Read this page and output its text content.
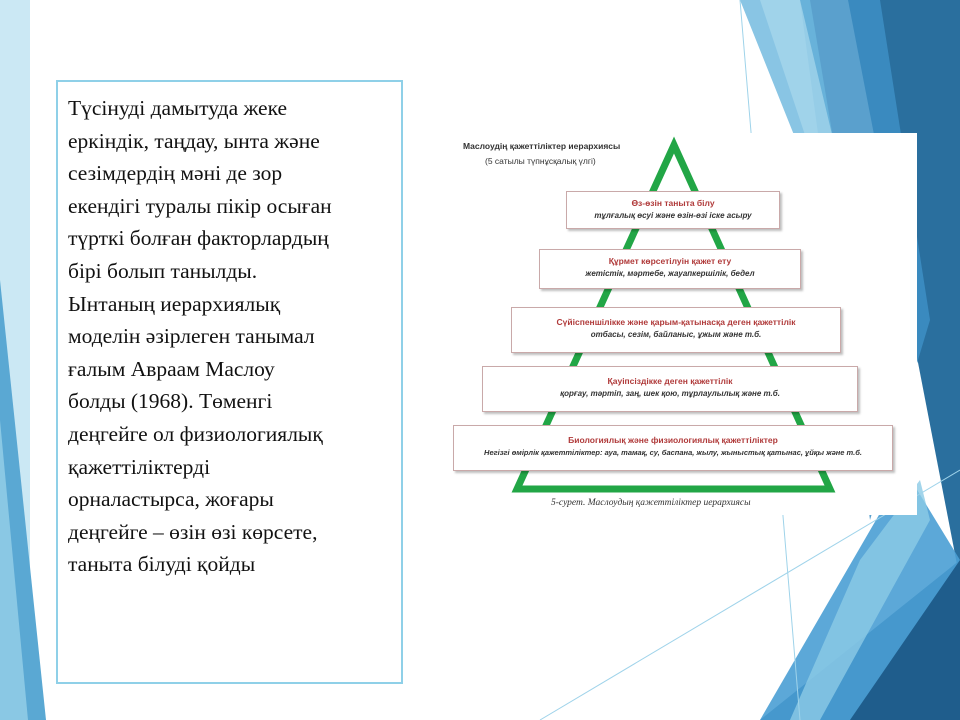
Түсінуді дамытуда жеке
еркіндік, таңдау, ынта және
сезімдердің мәні де зор
екендігі туралы пікір осыған
түрткі болған факторлардың
бірі болып танылды.
Ынтаның иерархиялық
моделін әзірлеген танымал
ғалым Авраам Маслоу
болды (1968). Төменгі
деңгейге ол физиологиялық
қажеттіліктерді
орналастырса, жоғары
деңгейге – өзін өзі көрсете,
таныта білуді қойды

Маслоудің қажеттіліктер иерархиясы
(5 сатылы түпнұсқалық үлгі)
Өз-өзін таныта білу
тұлғалық өсуі және өзін-өзі іске асыру
Құрмет көрсетілуін қажет ету
жетістік, мәртебе, жауапкершілік, бедел
Сүйіспеншілікке және қарым-қатынасқа деген қажеттілік
отбасы, сезім, байланыс, ұжым және т.б.
Қауіпсіздікке деген қажеттілік
қорғау, тәртіп, заң, шек қою, тұрлаулылық және т.б.
Биологиялық және физиологиялық қажеттіліктер
Негізгі өмірлік қажеттіліктер: ауа, тамақ, су, баспана, жылу, жыныстық қатынас, ұйқы және т.б.
5-сурет. Маслоудың қажеттіліктер иерархиясы
